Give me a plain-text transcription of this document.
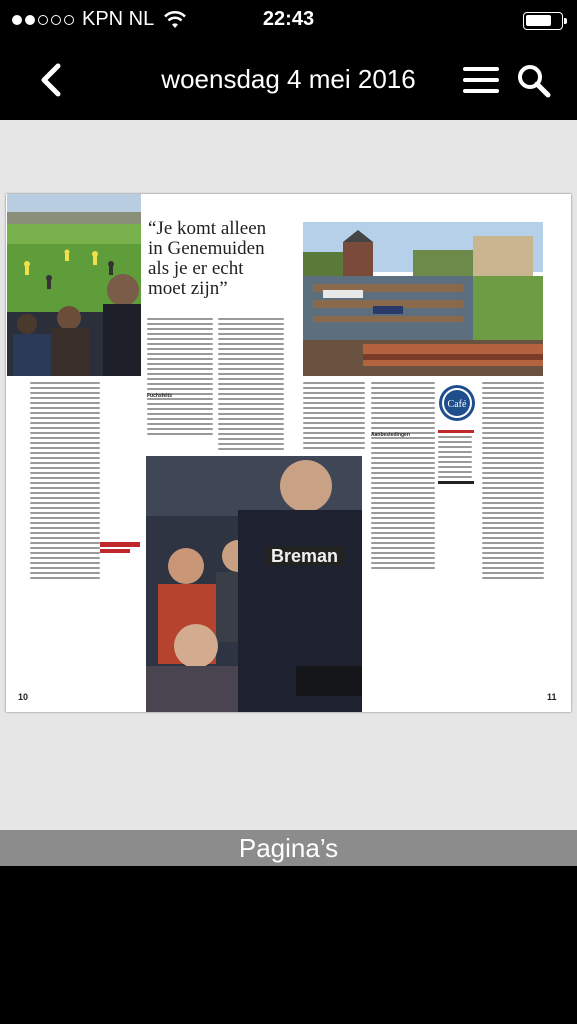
KPN NL	22:43
woensdag 4 mei 2016
“Je komt alleen
in Genemuiden
als je er echt
moet zijn”
Fuchsfeits
Breman
Aanbestedingen
Café
10	11
Pagina’s
